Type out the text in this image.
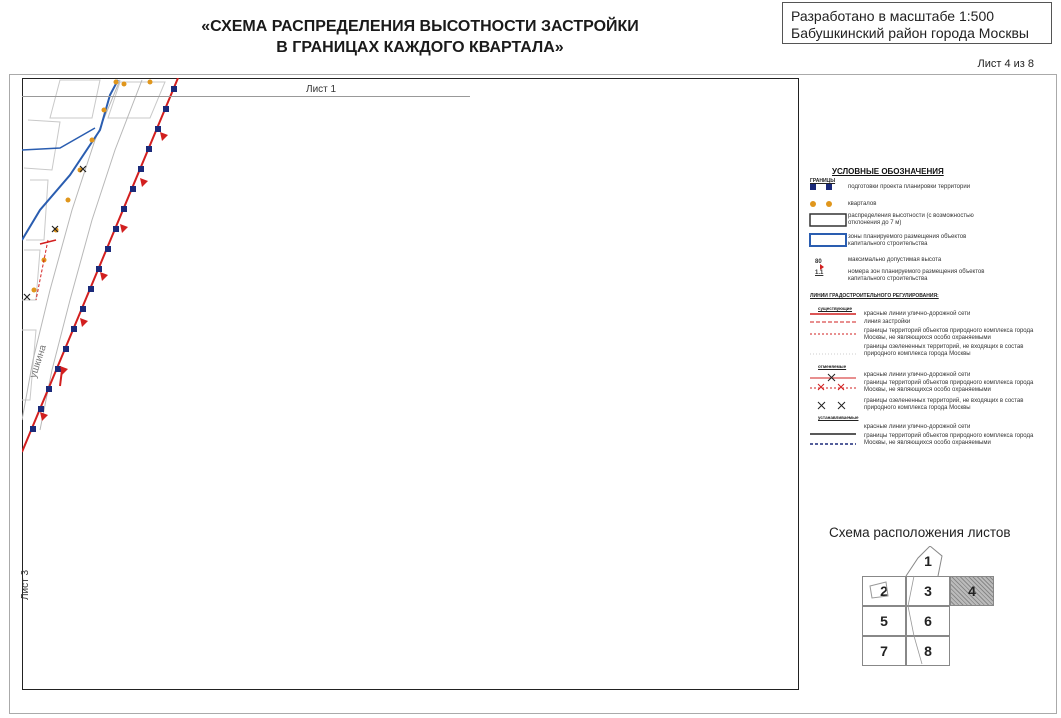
«СХЕМА РАСПРЕДЕЛЕНИЯ ВЫСОТНОСТИ ЗАСТРОЙКИ
В ГРАНИЦАХ КАЖДОГО КВАРТАЛА»
Разработано в масштабе 1:500
Бабушкинский район города Москвы
Лист 4 из 8
Лист 1
Лист 3
ушкина
УСЛОВНЫЕ ОБОЗНАЧЕНИЯ
ГРАНИЦЫ
подготовки проекта планировки территории
кварталов
распределения высотности (с возможностью отклонения до 7 м)
зоны планируемого размещения объектов капитального строительства
80	максимально допустимая высота
1.1	номера зон планируемого размещения объектов капитального строительства
ЛИНИИ ГРАДОСТРОИТЕЛЬНОГО РЕГУЛИРОВАНИЯ:
существующие
красные линии улично-дорожной сети
линия застройки
границы территорий объектов природного комплекса города Москвы, не являющихся особо охраняемыми
границы озелененных территорий, не входящих в состав природного комплекса города Москвы
отменяемые
красные линии улично-дорожной сети
границы территорий объектов природного комплекса города Москвы, не являющихся особо охраняемыми
границы озелененных территорий, не входящих в состав природного комплекса города Москвы
устанавливаемые
красные линии улично-дорожной сети
границы территорий объектов природного комплекса города Москвы, не являющихся особо охраняемыми
Схема расположения листов
1
2	3	4
5	6
7	8
